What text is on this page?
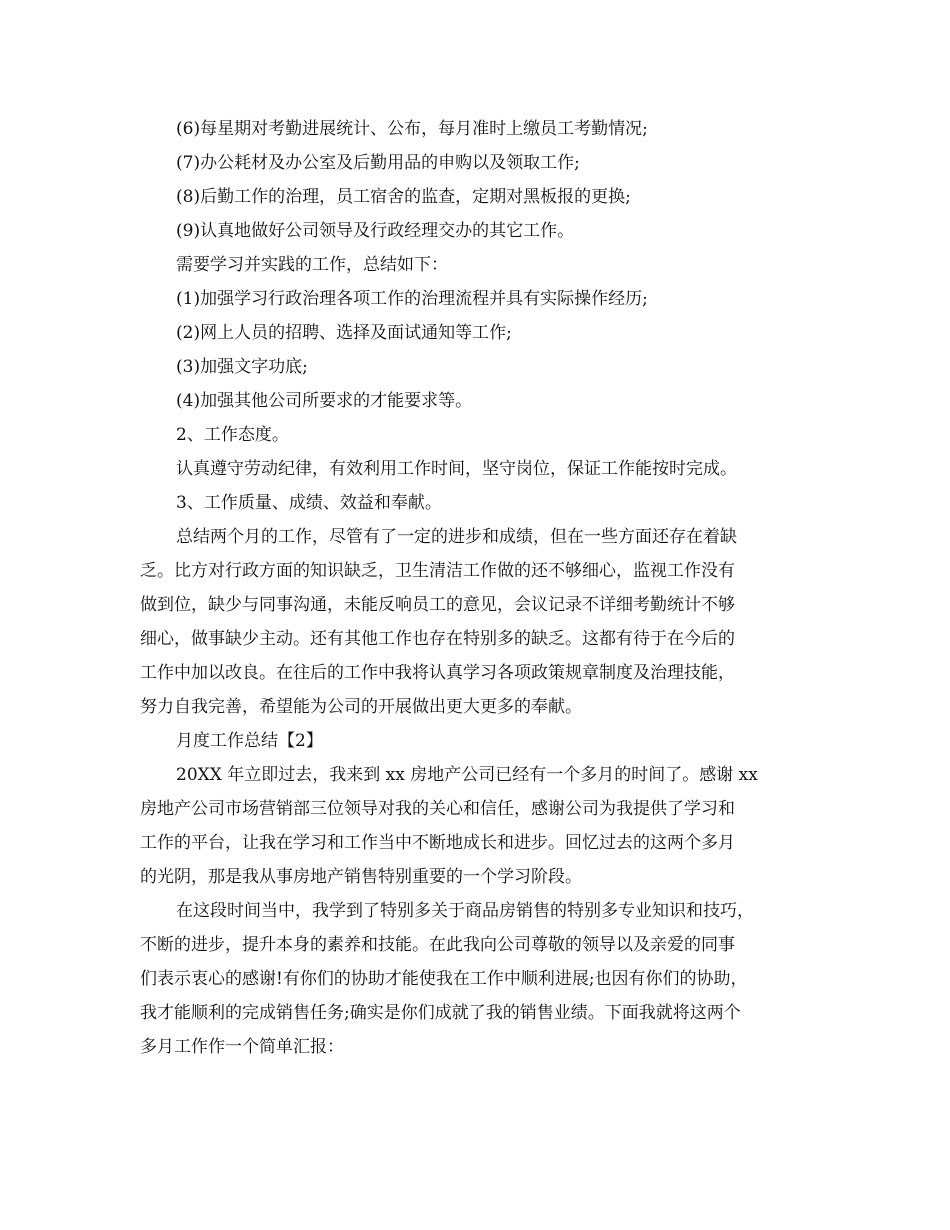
(6)每星期对考勤进展统计、公布，每月准时上缴员工考勤情况;
(7)办公耗材及办公室及后勤用品的申购以及领取工作;
(8)后勤工作的治理，员工宿舍的监查，定期对黑板报的更换;
(9)认真地做好公司领导及行政经理交办的其它工作。
需要学习并实践的工作，总结如下：
(1)加强学习行政治理各项工作的治理流程并具有实际操作经历;
(2)网上人员的招聘、选择及面试通知等工作;
(3)加强文字功底;
(4)加强其他公司所要求的才能要求等。
2、工作态度。
认真遵守劳动纪律，有效利用工作时间，坚守岗位，保证工作能按时完成。
3、工作质量、成绩、效益和奉献。
总结两个月的工作，尽管有了一定的进步和成绩，但在一些方面还存在着缺
乏。比方对行政方面的知识缺乏，卫生清洁工作做的还不够细心，监视工作没有
做到位，缺少与同事沟通，未能反响员工的意见，会议记录不详细考勤统计不够
细心，做事缺少主动。还有其他工作也存在特别多的缺乏。这都有待于在今后的
工作中加以改良。在往后的工作中我将认真学习各项政策规章制度及治理技能，
努力自我完善，希望能为公司的开展做出更大更多的奉献。
月度工作总结【2】
20XX 年立即过去，我来到 xx 房地产公司已经有一个多月的时间了。感谢 xx
房地产公司市场营销部三位领导对我的关心和信任，感谢公司为我提供了学习和
工作的平台，让我在学习和工作当中不断地成长和进步。回忆过去的这两个多月
的光阴，那是我从事房地产销售特别重要的一个学习阶段。
在这段时间当中，我学到了特别多关于商品房销售的特别多专业知识和技巧，
不断的进步，提升本身的素养和技能。在此我向公司尊敬的领导以及亲爱的同事
们表示衷心的感谢!有你们的协助才能使我在工作中顺利进展;也因有你们的协助，
我才能顺利的完成销售任务;确实是你们成就了我的销售业绩。下面我就将这两个
多月工作作一个简单汇报：
